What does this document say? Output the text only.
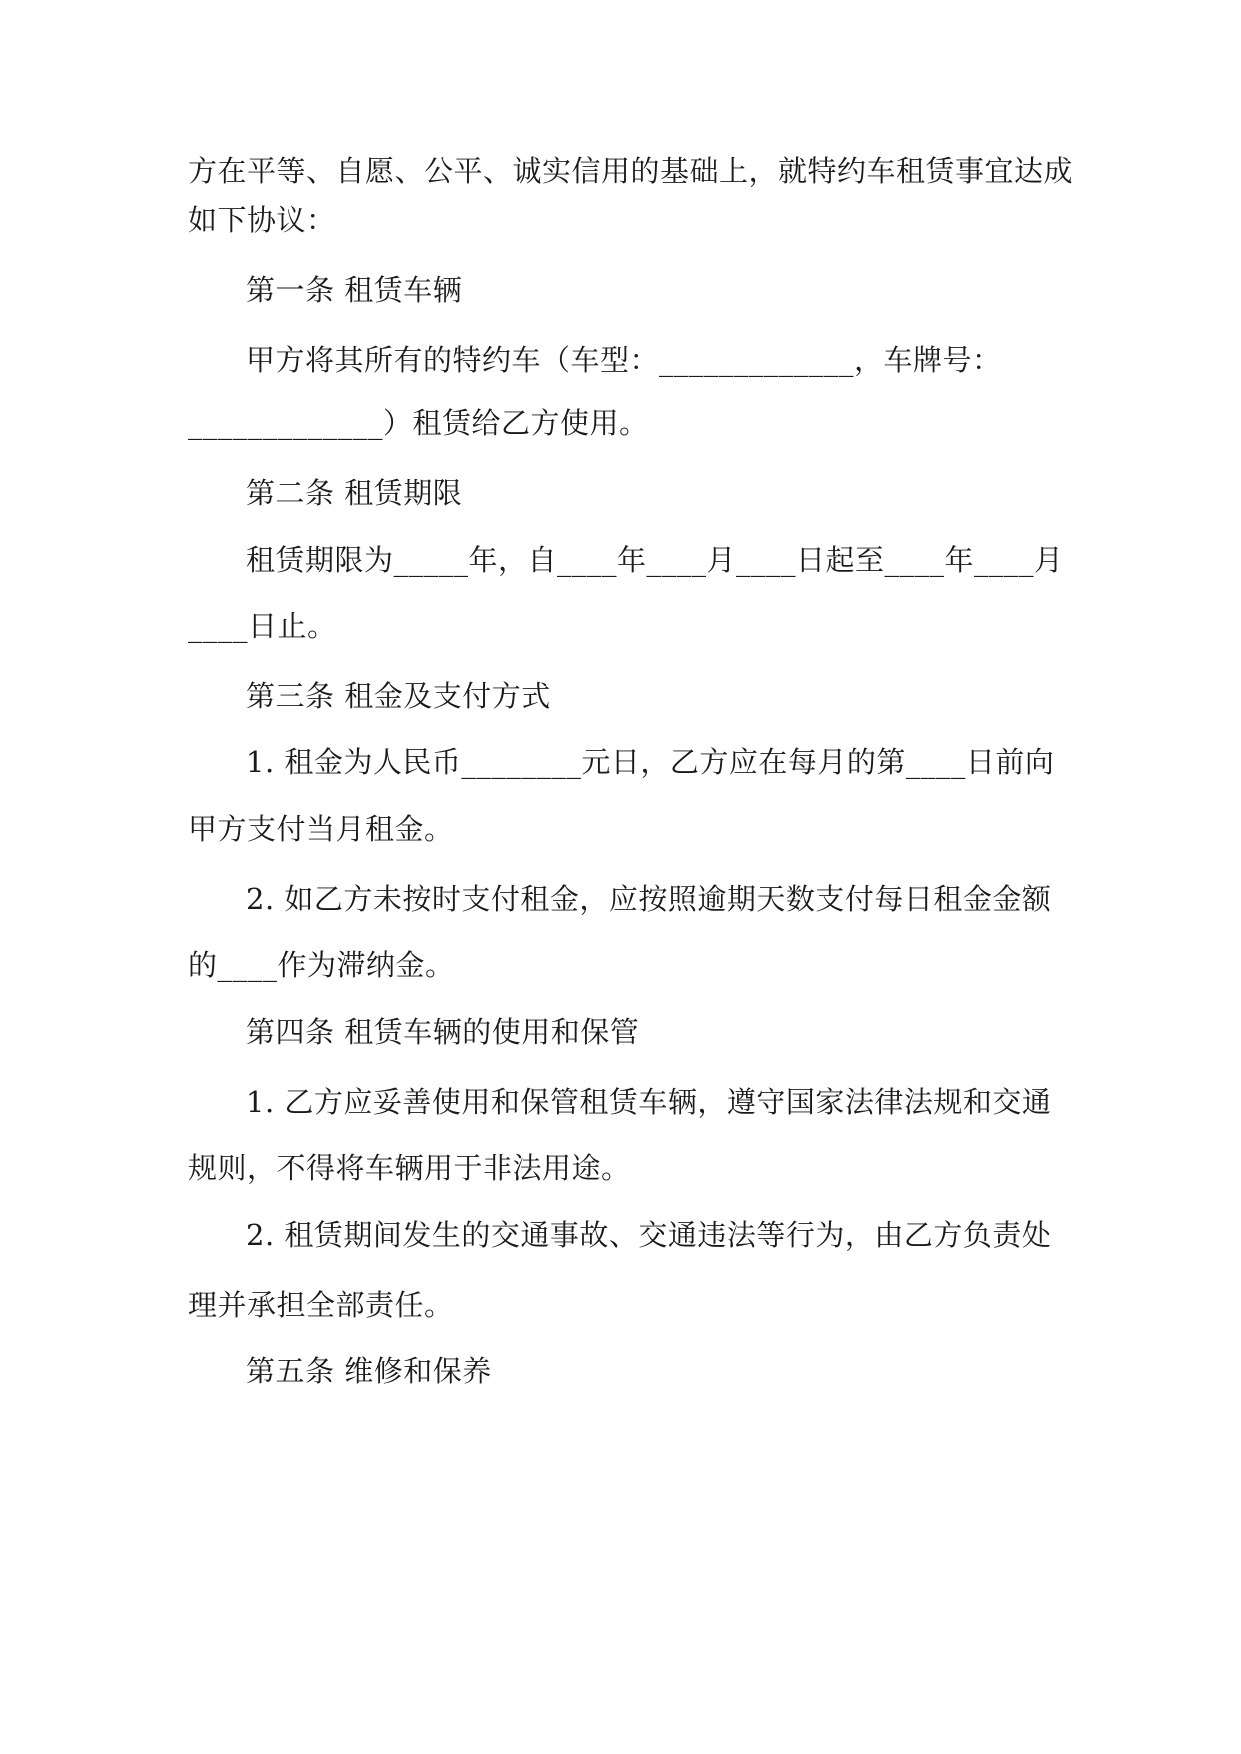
方在平等、自愿、公平、诚实信用的基础上，就特约车租赁事宜达成
如下协议：
第一条 租赁车辆
甲方将其所有的特约车（车型：_____________，车牌号：
_____________）租赁给乙方使用。
第二条 租赁期限
租赁期限为_____年，自____年____月____日起至____年____月
____日止。
第三条 租金及支付方式
1. 租金为人民币________元日，乙方应在每月的第____日前向
甲方支付当月租金。
2. 如乙方未按时支付租金，应按照逾期天数支付每日租金金额
的____作为滞纳金。
第四条 租赁车辆的使用和保管
1. 乙方应妥善使用和保管租赁车辆，遵守国家法律法规和交通
规则，不得将车辆用于非法用途。
2. 租赁期间发生的交通事故、交通违法等行为，由乙方负责处
理并承担全部责任。
第五条 维修和保养
